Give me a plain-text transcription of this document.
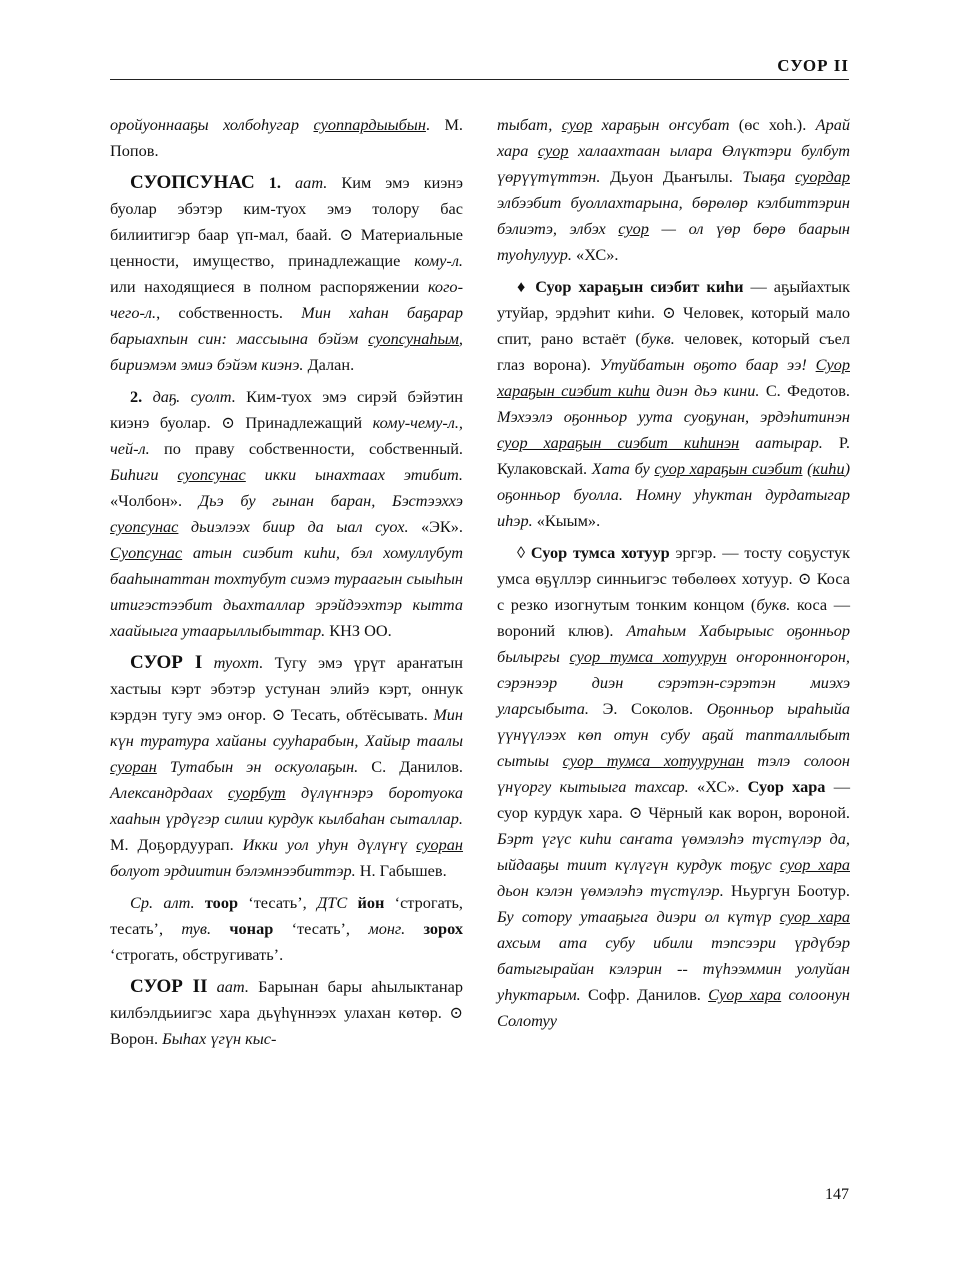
СУОР II

оройуоннааҕы холбоһугар суоппардыыбын. М. Попов.

СУОПСУНАС 1. аат. Ким эмэ киэнэ буолар эбэтэр ким-туох эмэ толору бас билиитигэр баар үп-мал, баай. ⊙ Материальные ценности, имущество, принадлежащие кому-л. или находящиеся в полном распоряжении кого-чего-л., собственность. Мин хаһан баҕарар барыахпын син: массыына бэйэм суопсунаһым, бириэмэм эмиэ бэйэм киэнэ. Далан.

2. даҕ. суолт. Ким-туох эмэ сирэй бэйэтин киэнэ буолар. ⊙ Принадлежащий кому-чему-л., чей-л. по праву собственности, собственный. Биһиги суопсунас икки ынахтаах этибит. «Чолбон». Дьэ бу гынан баран, Бэстээххэ суопсунас дьиэлээх биир да ыал суох. «ЭК». Суопсунас атын сиэбит киһи, бэл хомуллубут бааһынаттан тохтубут сиэмэ тураагын сыыһын итигэстээбит дьахталлар эрэйдээхтэр кытта хаайыыга утаарыллыбыттар. КНЗ ОО.

СУОР I туохт. Тугу эмэ үрүт араҥатын хастыы кэрт эбэтэр устунан элийэ кэрт, оннук кэрдэн тугу эмэ оҥор. ⊙ Тесать, обтёсывать. Мин күн туратура хайаны сууһарабын, Хайыр таалы суоран Тутабын эн оскуолаҕын. С. Данилов. Александрдаах суорбут дүлүҥнэрэ боротуока хааһын үрдүгэр силии курдук кылбаһан сыталлар. М. Доҕордуурап. Икки уол уһун дүлүҥү суоран болуот эрдиитин бэлэмнээбиттэр. Н. Габышев.

Ср. алт. тоор ‘тесать’, ДТС йон ‘строгать, тесать’, тув. чонар ‘тесать’, монг. зорох ‘строгать, обстругивать’.

СУОР II аат. Барынан бары аһылыктанар килбэлдьиигэс хара дьүһүннээх улахан көтөр. ⊙ Ворон. Быһах үгүн кыс-

тыбат, суор хараҕын оҥсубат (өс хоһ.). Арай хара суор халаахтаан ылара Өлүктэри булбут үөрүүтүттэн. Дьуон Дьаҥылы. Тыаҕа суордар элбээбит буоллахтарына, бөрөлөр кэлбиттэрин бэлиэтэ, элбэх суор — ол үөр бөрө баарын туоһулуур. «ХС».

♦ Суор хараҕын сиэбит киһи — аҕыйахтык утуйар, эрдэһит киһи. ⊙ Человек, который мало спит, рано встаёт (букв. человек, который съел глаз ворона). Утуйбатын оҕото баар ээ! Суор хараҕын сиэбит киһи диэн дьэ кини. С. Федотов. Мэхээлэ оҕонньор уута суоҕунан, эрдэһитинэн суор хараҕын сиэбит киһинэн аатырар. Р. Кулаковскай. Хата бу суор хараҕын сиэбит (киһи) оҕонньор буолла. Номну уһуктан дурдатыгар иһэр. «Кыым».

◊ Суор тумса хотуур эргэр. — тосту соҕустук умса өҕүллэр синньигэс төбөлөөх хотуур. ⊙ Коса с резко изогнутым тонким концом (букв. коса — вороний клюв). Атаһым Хабырыыс оҕонньор былыргы суор тумса хотуурун оҥоронноҥорон, сэрэнээр диэн сэрэтэн-сэрэтэн миэхэ уларсыбыта. Э. Соколов. Оҕонньор ыраһыйа үүнүүлээх көп отун субу аҕай тапталлыбыт сытыы суор тумса хотуурунан тэлэ солоон үнүоргу кытыыга тахсар. «ХС». Суор хара — суор курдук хара. ⊙ Чёрный как ворон, вороной. Бэрт үгүс киһи саҥата үөмэлэһэ түстүлэр да, ыйдааҕы тиит күлүгүн курдук тоҕус суор хара дьон кэлэн үөмэлэһэ түстүлэр. Ньургун Боотур. Бу сотору утааҕыга диэри ол күтүр суор хара ахсым ата субу ибили тэпсээри үрдүбэр батыгырайан кэлэрин -- түһээммин уолуйан уһуктарым. Софр. Данилов. Суор хара солоонун Солотуу

147
